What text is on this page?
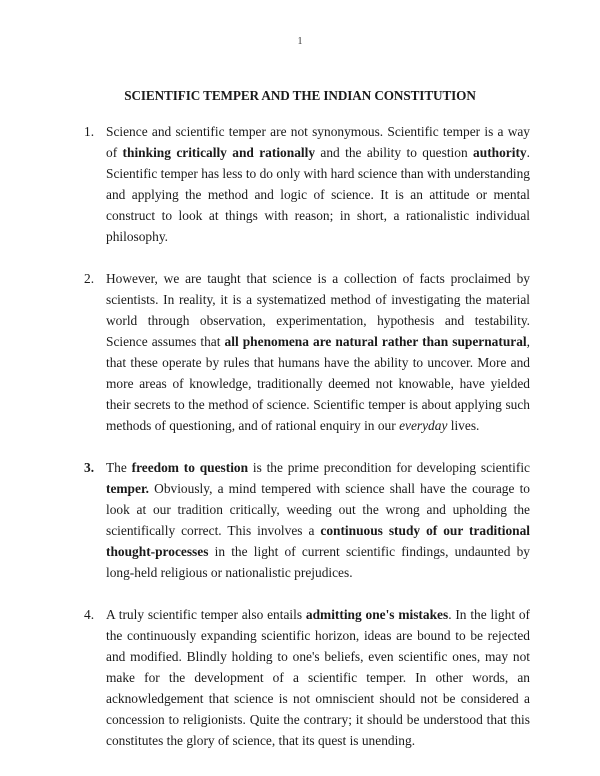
1
SCIENTIFIC TEMPER AND THE INDIAN CONSTITUTION
1. Science and scientific temper are not synonymous. Scientific temper is a way of thinking critically and rationally and the ability to question authority. Scientific temper has less to do only with hard science than with understanding and applying the method and logic of science. It is an attitude or mental construct to look at things with reason; in short, a rationalistic individual philosophy.
2. However, we are taught that science is a collection of facts proclaimed by scientists. In reality, it is a systematized method of investigating the material world through observation, experimentation, hypothesis and testability. Science assumes that all phenomena are natural rather than supernatural, that these operate by rules that humans have the ability to uncover. More and more areas of knowledge, traditionally deemed not knowable, have yielded their secrets to the method of science. Scientific temper is about applying such methods of questioning, and of rational enquiry in our everyday lives.
3. The freedom to question is the prime precondition for developing scientific temper. Obviously, a mind tempered with science shall have the courage to look at our tradition critically, weeding out the wrong and upholding the scientifically correct. This involves a continuous study of our traditional thought-processes in the light of current scientific findings, undaunted by long-held religious or nationalistic prejudices.
4. A truly scientific temper also entails admitting one's mistakes. In the light of the continuously expanding scientific horizon, ideas are bound to be rejected and modified. Blindly holding to one's beliefs, even scientific ones, may not make for the development of a scientific temper. In other words, an acknowledgement that science is not omniscient should not be considered a concession to religionists. Quite the contrary; it should be understood that this constitutes the glory of science, that its quest is unending.
